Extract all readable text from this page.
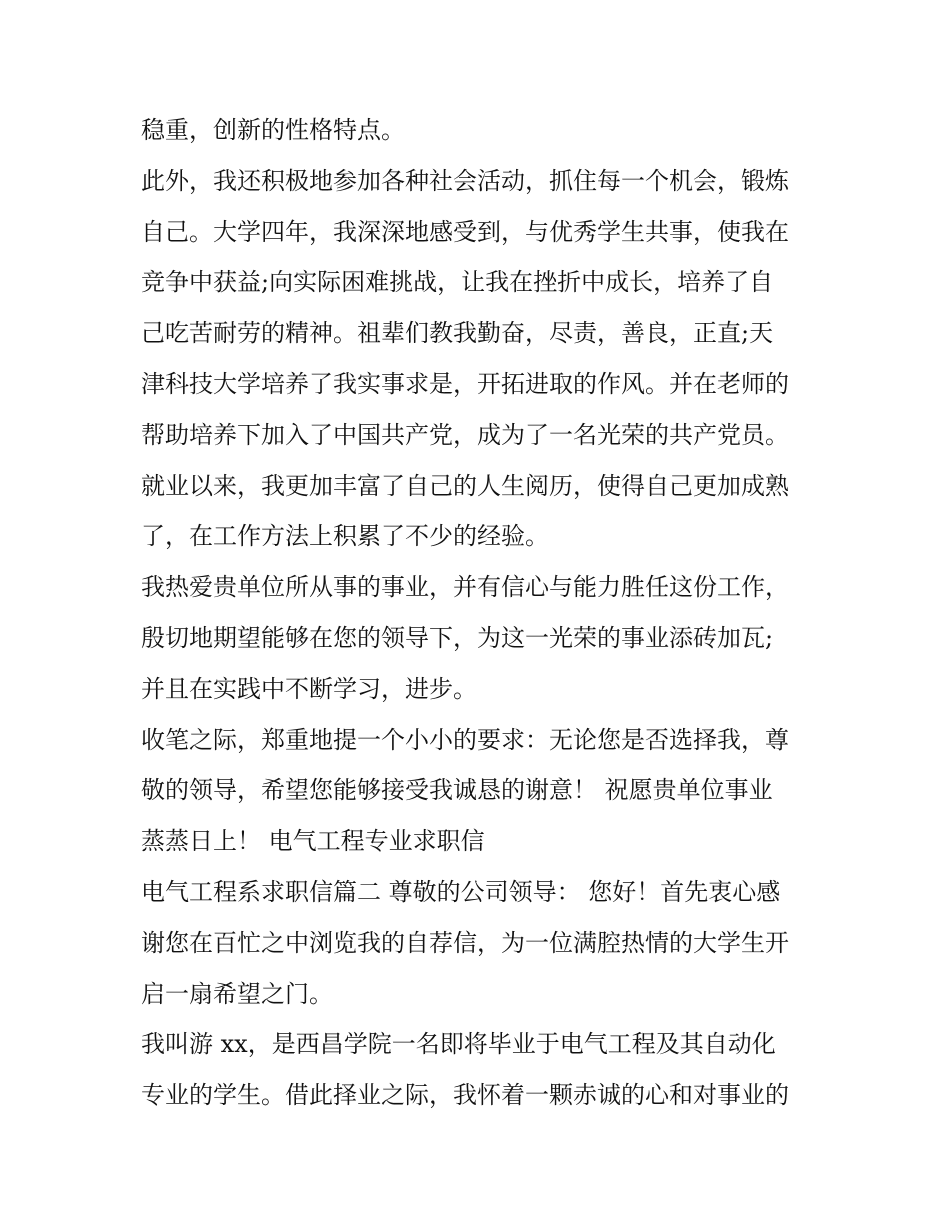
稳重，创新的性格特点。
此外，我还积极地参加各种社会活动，抓住每一个机会，锻炼
自己。大学四年，我深深地感受到，与优秀学生共事，使我在
竞争中获益;向实际困难挑战，让我在挫折中成长，培养了自
己吃苦耐劳的精神。祖辈们教我勤奋，尽责，善良，正直;天
津科技大学培养了我实事求是，开拓进取的作风。并在老师的
帮助培养下加入了中国共产党，成为了一名光荣的共产党员。
就业以来，我更加丰富了自己的人生阅历，使得自己更加成熟
了，在工作方法上积累了不少的经验。
我热爱贵单位所从事的事业，并有信心与能力胜任这份工作，
殷切地期望能够在您的领导下，为这一光荣的事业添砖加瓦;
并且在实践中不断学习，进步。
收笔之际，郑重地提一个小小的要求：无论您是否选择我，尊
敬的领导，希望您能够接受我诚恳的谢意！ 祝愿贵单位事业
蒸蒸日上！ 电气工程专业求职信
电气工程系求职信篇二 尊敬的公司领导： 您好！首先衷心感
谢您在百忙之中浏览我的自荐信，为一位满腔热情的大学生开
启一扇希望之门。
我叫游 xx，是西昌学院一名即将毕业于电气工程及其自动化
专业的学生。借此择业之际，我怀着一颗赤诚的心和对事业的
